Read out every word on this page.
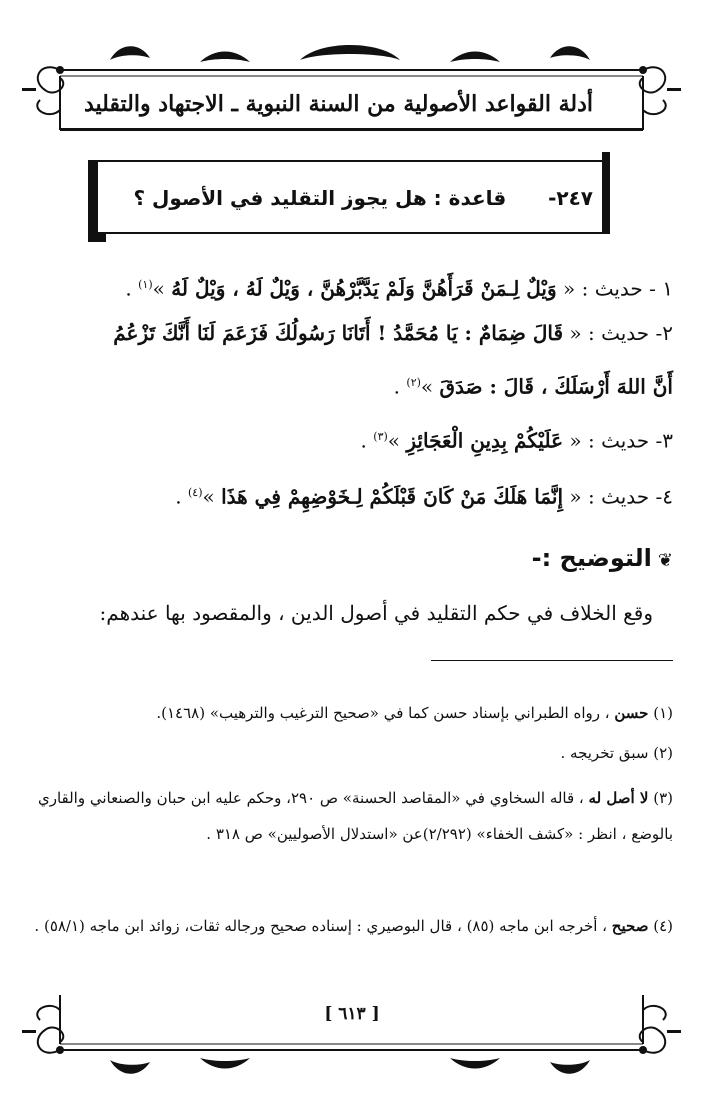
أدلة القواعد الأصولية من السنة النبوية ـ الاجتهاد والتقليد
٢٤٧-      قاعدة : هل يجوز التقليد في الأصول ؟
١ - حديث : « وَيْلٌ لِـمَنْ قَرَأَهُنَّ وَلَمْ يَدَّبَّرْهُنَّ ، وَيْلٌ لَهُ ، وَيْلٌ لَهُ »$^{(١)}$ .
٢- حديث : « قَالَ ضِمَامٌ : يَا مُحَمَّدُ ! أَتَانَا رَسُولُكَ فَزَعَمَ لَنَا أَنَّكَ تَزْعُمُ
أَنَّ اللهَ أَرْسَلَكَ ، قَالَ : صَدَقَ »$^{(٢)}$ .
٣- حديث : « عَلَيْكُمْ بِدِينِ الْعَجَائِزِ »$^{(٣)}$ .
٤- حديث : « إِنَّمَا هَلَكَ مَنْ كَانَ قَبْلَكُمْ لِـخَوْضِهِمْ فِي هَذَا »$^{(٤)}$ .
❦التوضيح :-
وقع الخلاف في حكم التقليد في أصول الدين ، والمقصود بها عندهم:
(١) حسن ، رواه الطبراني بإسناد حسن كما في «صحيح الترغيب والترهيب» (١٤٦٨).
(٢) سبق تخريجه .
(٣) لا أصل له ، قاله السخاوي في «المقاصد الحسنة» ص ٢٩٠، وحكم عليه ابن حبان والصنعاني والقاري بالوضع ، انظر : «كشف الخفاء» (٢/٢٩٢)عن «استدلال الأصوليين» ص ٣١٨ .
(٤) صحيح ، أخرجه ابن ماجه (٨٥) ، قال البوصيري : إسناده صحيح ورجاله ثقات، زوائد ابن ماجه (٥٨/١) .
[ ٦١٣ ]
